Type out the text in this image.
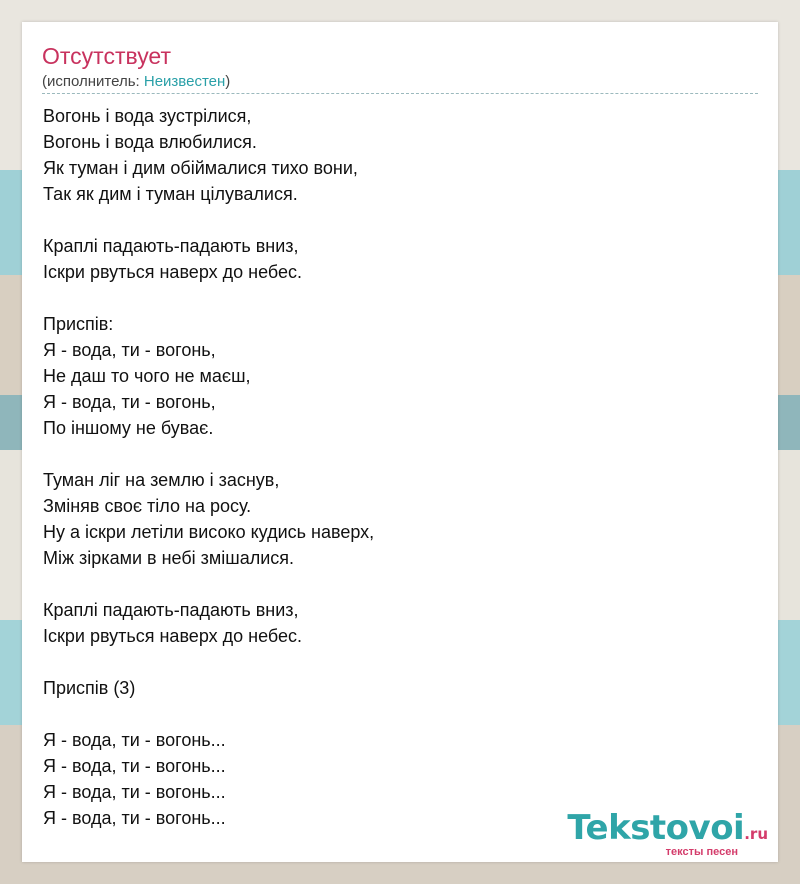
Отсутствует
(исполнитель: Неизвестен)
Вогонь і вода зустрілися,
Вогонь і вода влюбилися.
Як туман і дим обіймалися тихо вони,
Так як дим і туман цілувалися.
Краплі падають-падають вниз,
Іскри рвуться наверх до небес.
Приспів:
Я - вода, ти - вогонь,
Не даш то чого не маєш,
Я - вода, ти - вогонь,
По іншому не буває.
Туман ліг на землю і заснув,
Зміняв своє тіло на росу.
Ну а іскри летіли високо кудись наверх,
Між зірками в небі змішалися.
Краплі падають-падають вниз,
Іскри рвуться наверх до небес.
Приспів (3)
Я - вода, ти - вогонь...
Я - вода, ти - вогонь...
Я - вода, ти - вогонь...
Я - вода, ти - вогонь...	Tekstovoi.ru
тексты песен
